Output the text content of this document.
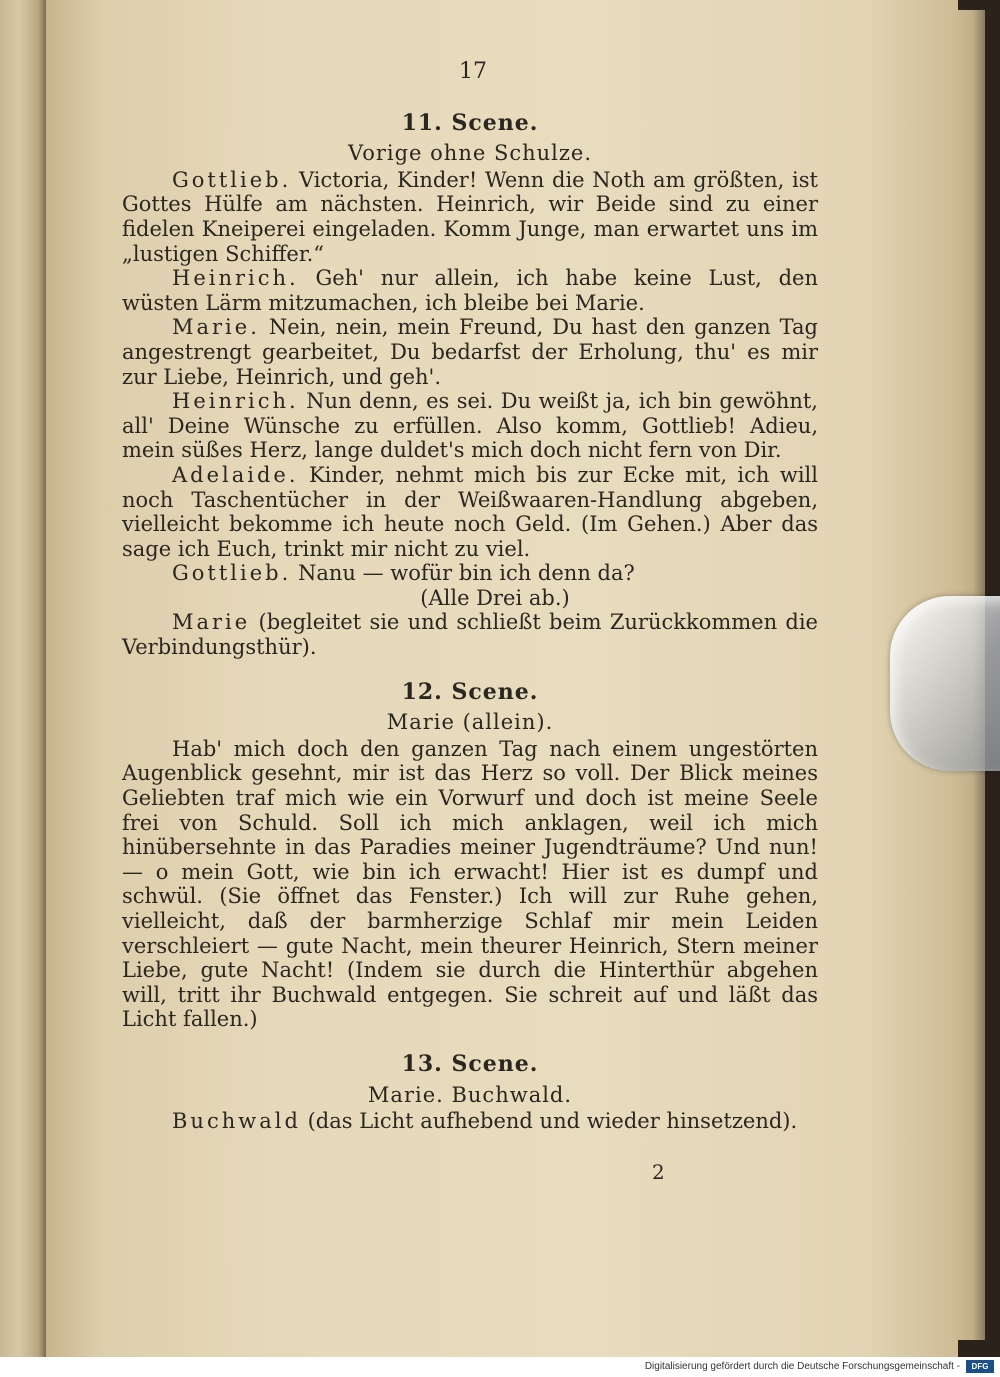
17
11. Scene.
Vorige ohne Schulze.

Gottlieb. Victoria, Kinder! Wenn die Noth am größten, ist Gottes Hülfe am nächsten. Heinrich, wir Beide sind zu einer fidelen Kneiperei eingeladen. Komm Junge, man erwartet uns im „lustigen Schiffer.“

Heinrich. Geh' nur allein, ich habe keine Lust, den wüsten Lärm mitzumachen, ich bleibe bei Marie.

Marie. Nein, nein, mein Freund, Du hast den ganzen Tag angestrengt gearbeitet, Du bedarfst der Erholung, thu' es mir zur Liebe, Heinrich, und geh'.

Heinrich. Nun denn, es sei. Du weißt ja, ich bin gewöhnt, all' Deine Wünsche zu erfüllen. Also komm, Gottlieb! Adieu, mein süßes Herz, lange duldet's mich doch nicht fern von Dir.

Adelaide. Kinder, nehmt mich bis zur Ecke mit, ich will noch Taschentücher in der Weißwaaren-Handlung abgeben, vielleicht bekomme ich heute noch Geld. (Im Gehen.) Aber das sage ich Euch, trinkt mir nicht zu viel.

Gottlieb. Nanu — wofür bin ich denn da?

(Alle Drei ab.)

Marie (begleitet sie und schließt beim Zurückkommen die Verbindungsthür).

12. Scene.
Marie (allein).

Hab' mich doch den ganzen Tag nach einem ungestörten Augenblick gesehnt, mir ist das Herz so voll. Der Blick meines Geliebten traf mich wie ein Vorwurf und doch ist meine Seele frei von Schuld. Soll ich mich anklagen, weil ich mich hinübersehnte in das Paradies meiner Jugendträume? Und nun! — o mein Gott, wie bin ich erwacht! Hier ist es dumpf und schwül. (Sie öffnet das Fenster.) Ich will zur Ruhe gehen, vielleicht, daß der barmherzige Schlaf mir mein Leiden verschleiert — gute Nacht, mein theurer Heinrich, Stern meiner Liebe, gute Nacht! (Indem sie durch die Hinterthür abgehen will, tritt ihr Buchwald entgegen. Sie schreit auf und läßt das Licht fallen.)

13. Scene.
Marie. Buchwald.

Buchwald (das Licht aufhebend und wieder hinsetzend).

2
Digitalisierung gefördert durch die Deutsche Forschungsgemeinschaft -	DFG
